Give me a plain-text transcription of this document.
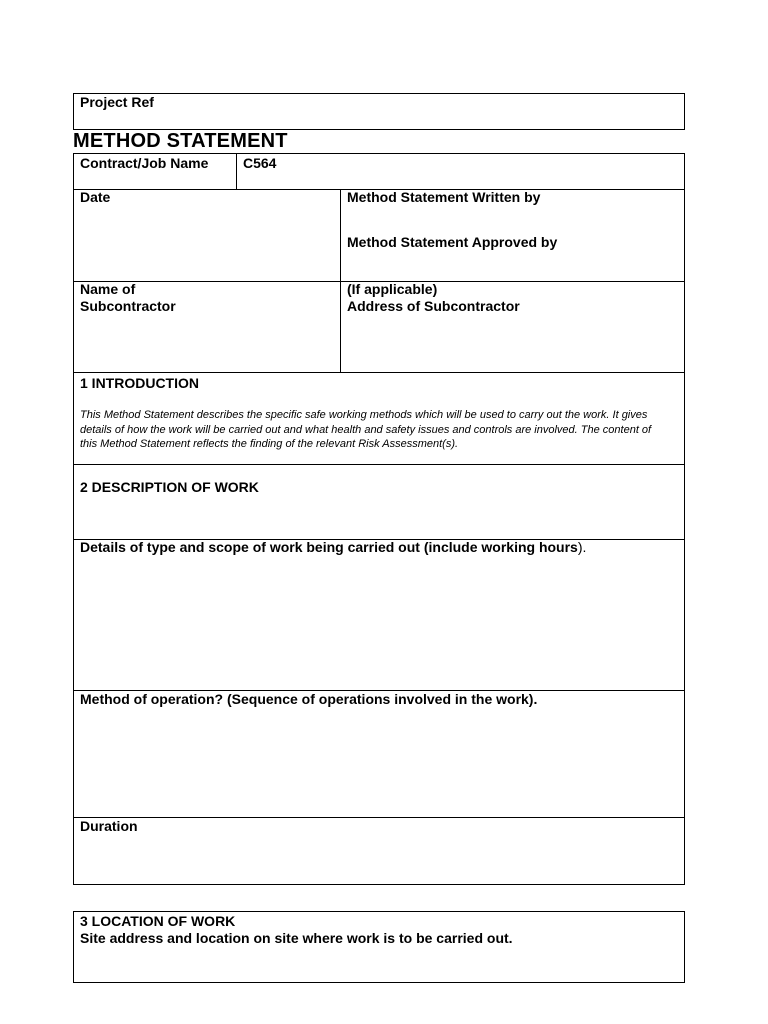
Project Ref
METHOD STATEMENT
Contract/Job Name C564
Date	Method Statement Written by
Method Statement Approved by
Name of
Subcontractor
(If applicable)
Address of Subcontractor
1 INTRODUCTION
This Method Statement describes the specific safe working methods which will be used to carry out the work. It gives details of how the work will be carried out and what health and safety issues and controls are involved. The content of this Method Statement reflects the finding of the relevant Risk Assessment(s).
2 DESCRIPTION OF WORK
Details of type and scope of work being carried out (include working hours).
Method of operation? (Sequence of operations involved in the work).
Duration
3 LOCATION OF WORK
Site address and location on site where work is to be carried out.
